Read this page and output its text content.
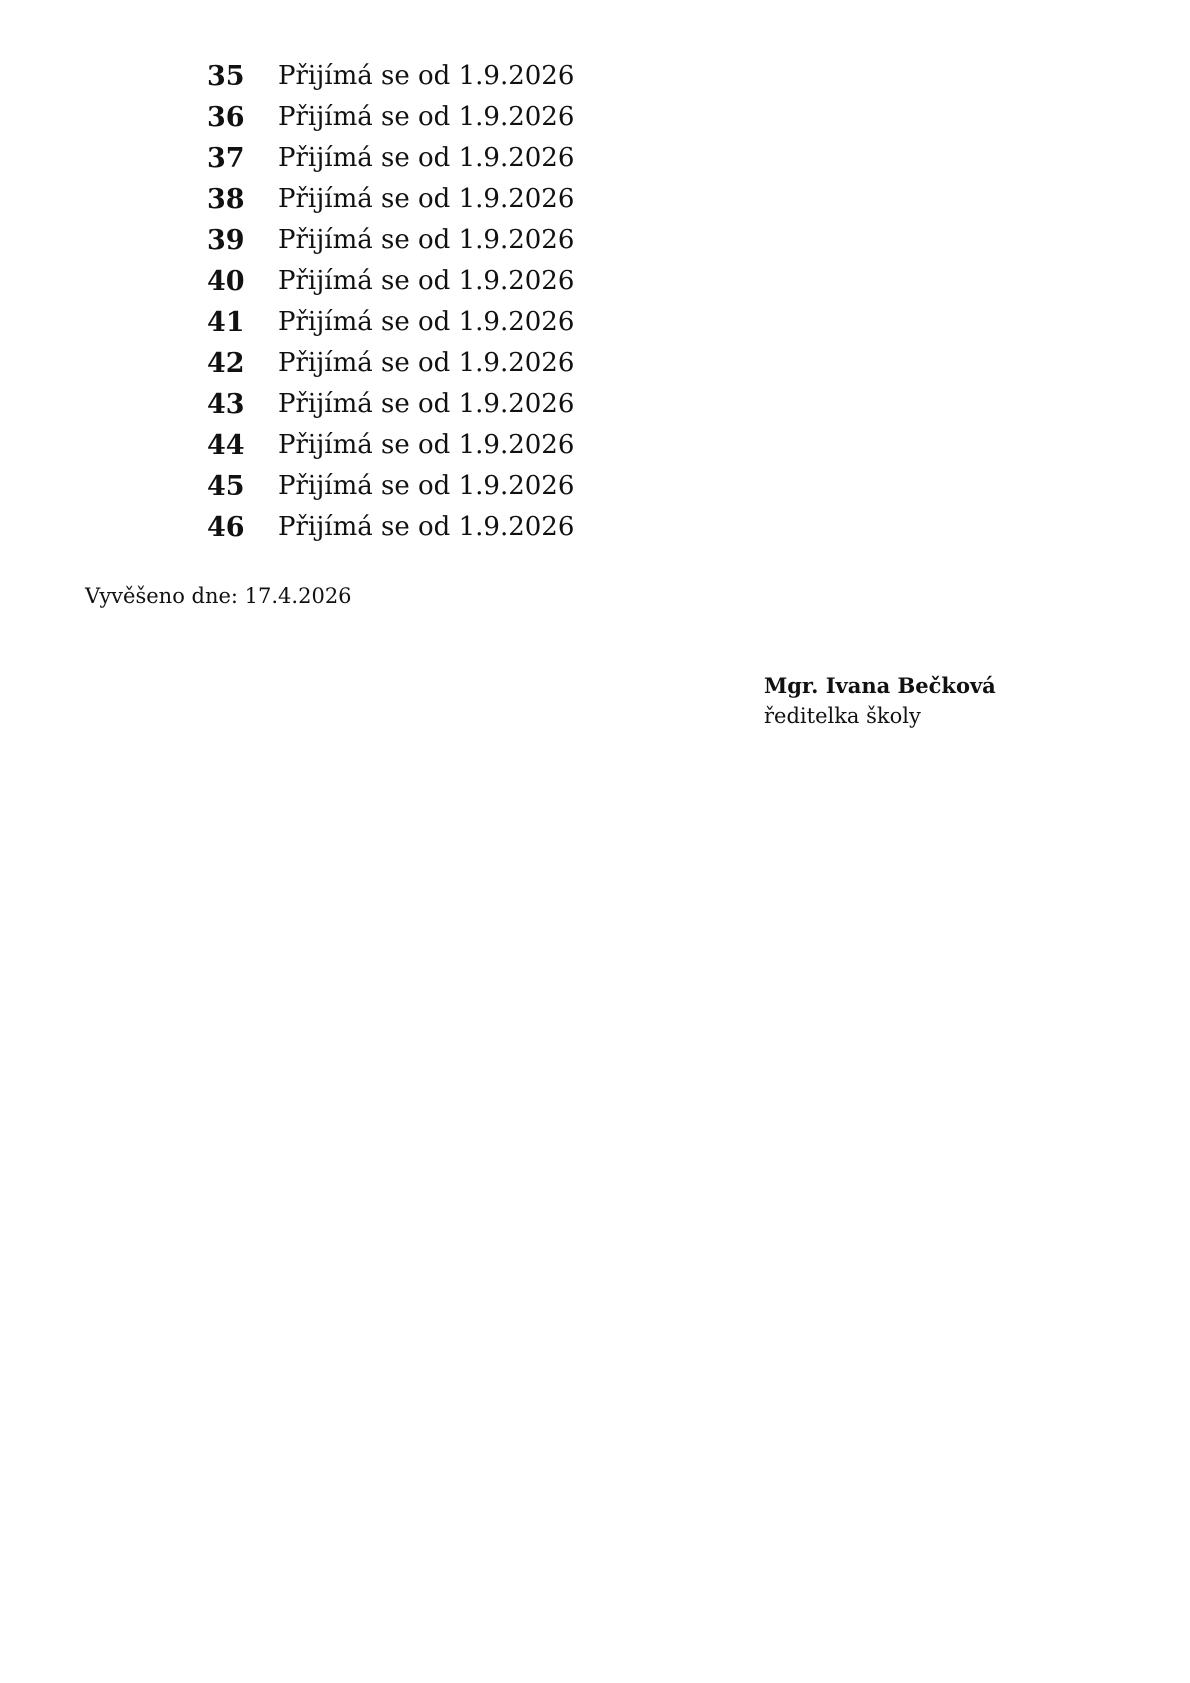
35 Přijímá se od 1.9.2026
36 Přijímá se od 1.9.2026
37 Přijímá se od 1.9.2026
38 Přijímá se od 1.9.2026
39 Přijímá se od 1.9.2026
40 Přijímá se od 1.9.2026
41 Přijímá se od 1.9.2026
42 Přijímá se od 1.9.2026
43 Přijímá se od 1.9.2026
44 Přijímá se od 1.9.2026
45 Přijímá se od 1.9.2026
46 Přijímá se od 1.9.2026
Vyvěšeno dne: 17.4.2026
Mgr. Ivana Bečková
ředitelka školy
